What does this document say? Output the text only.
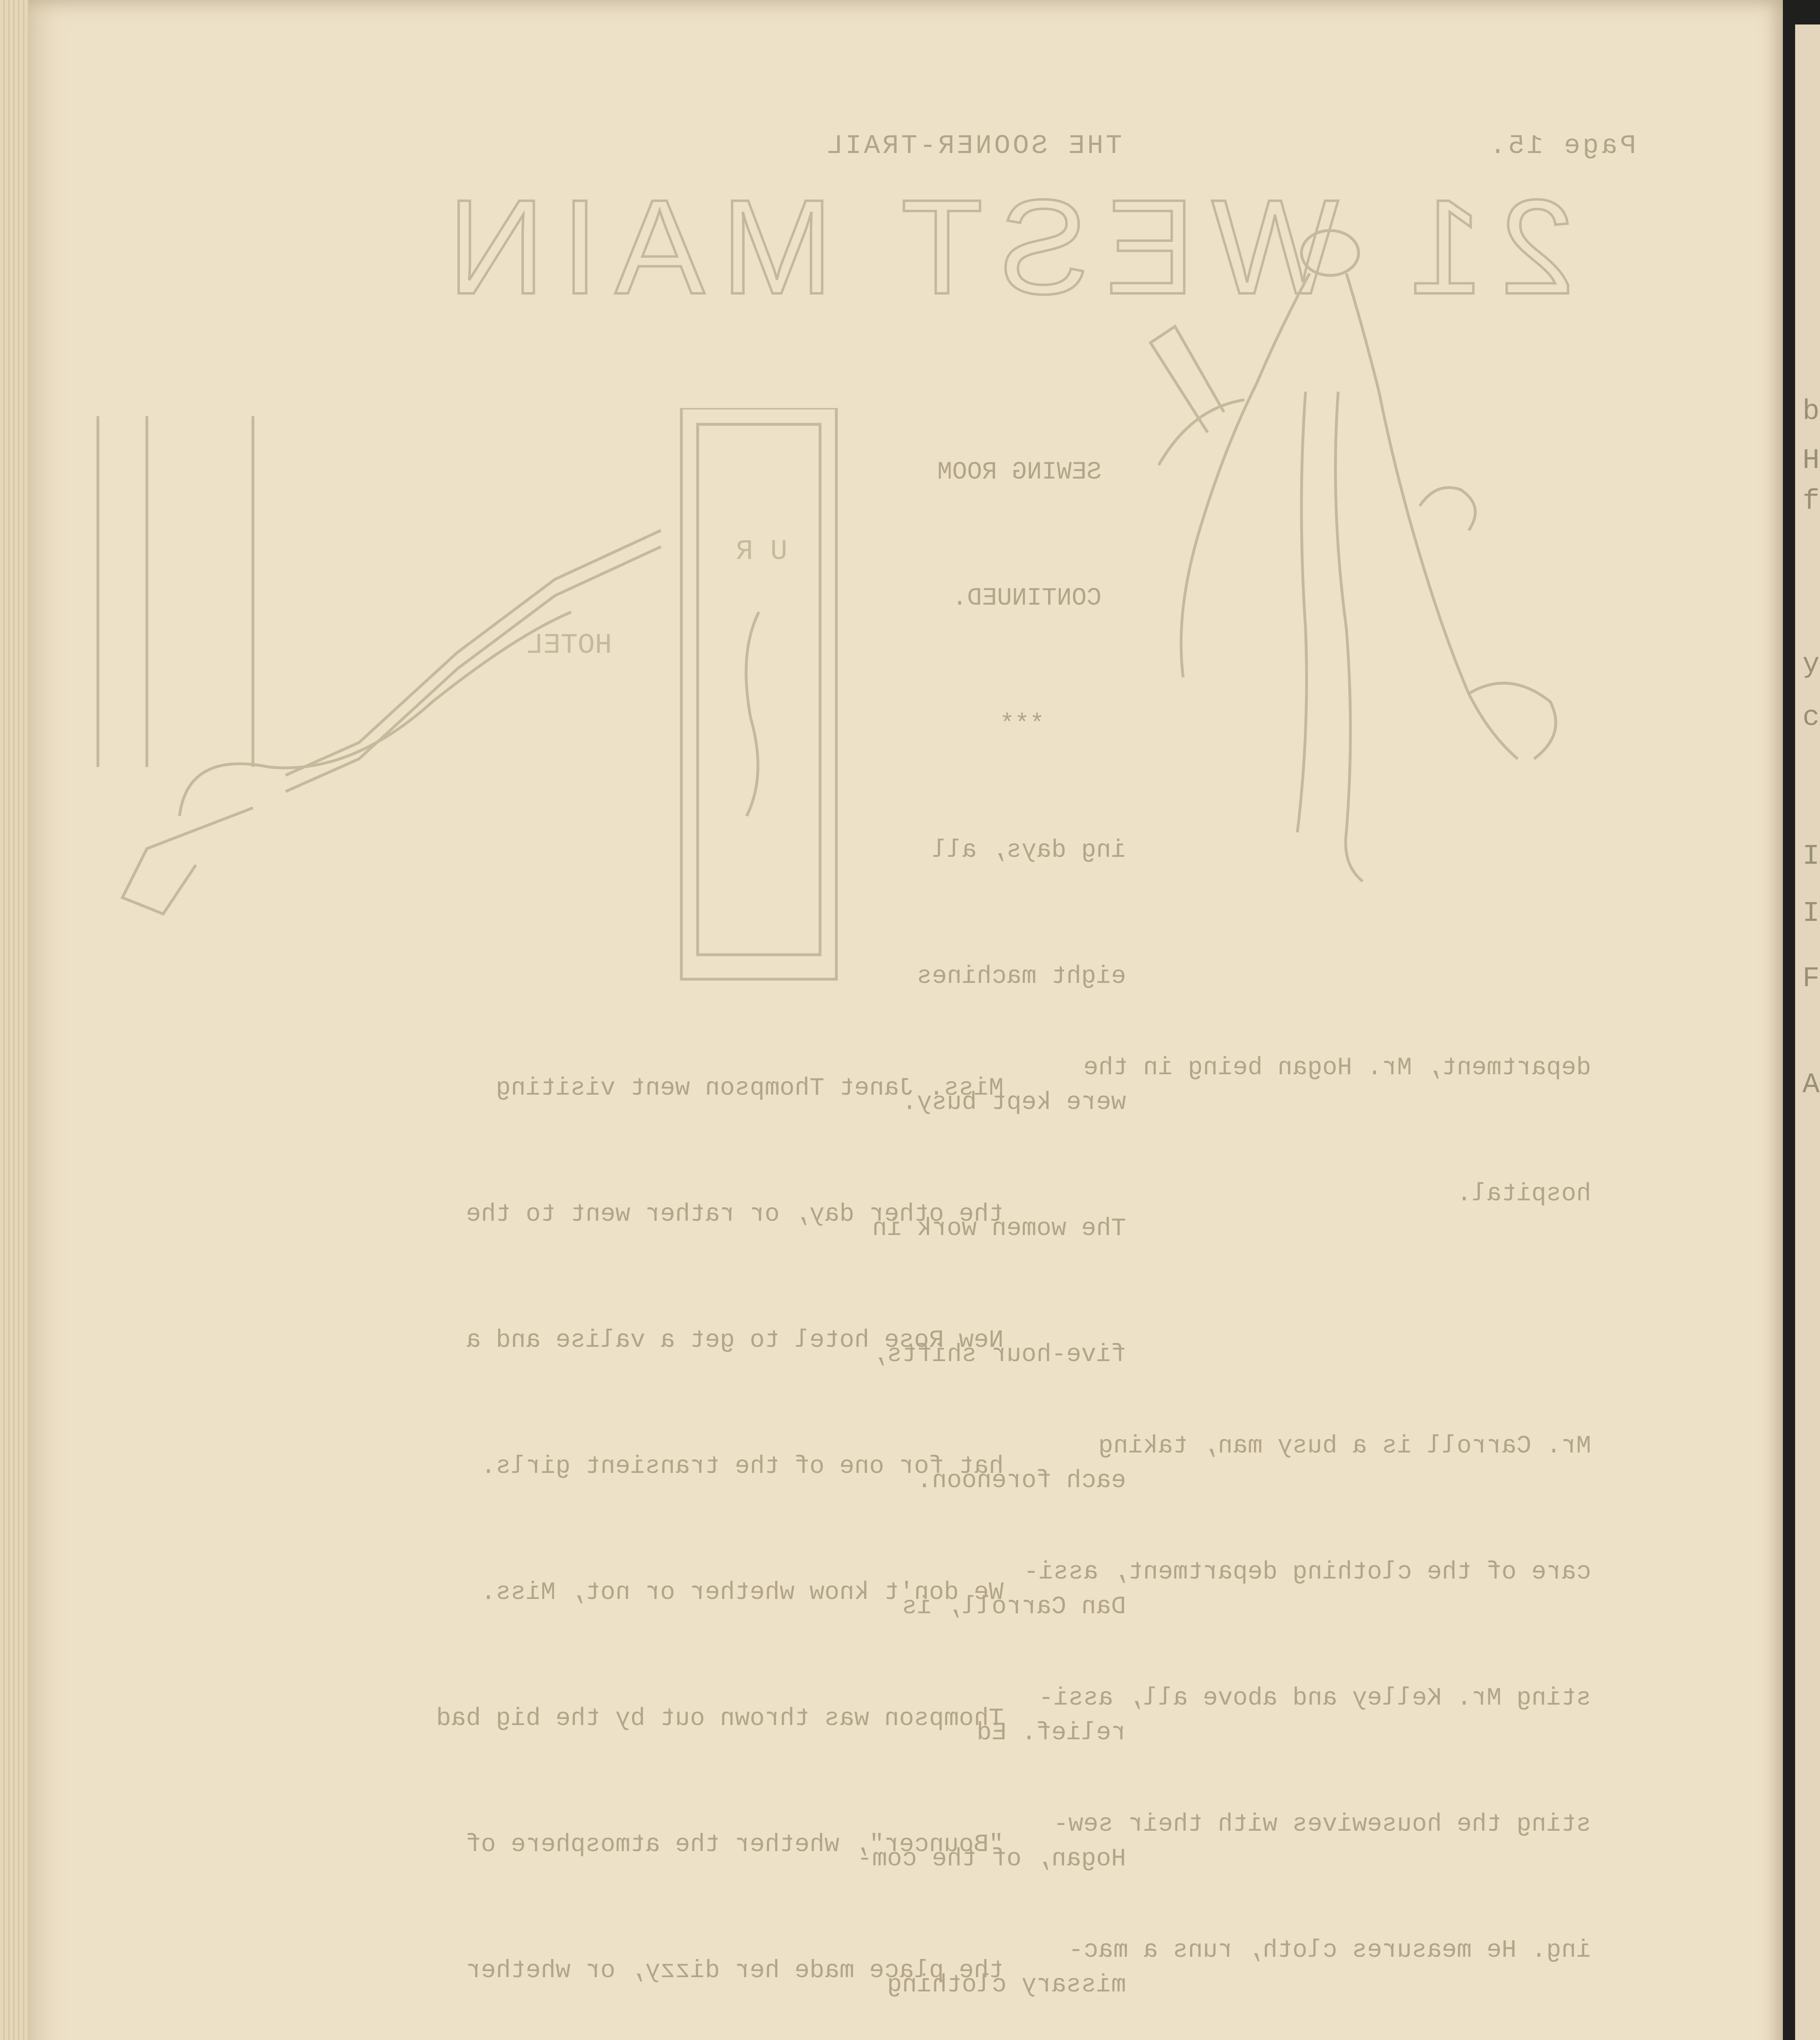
b
H
f
y
c
I
I
F
A
Page 15.
THE SOONER-TRAIL
21 WEST MAIN

SEWING ROOM

CONTINUED.

***

ing days, all

eight machines

were kept busy.

The women work in

five-hour shifts,

each forenoon.

Dan Carroll, is

relief. Ed

Hogan, of the com-

missary clothing

HOTEL
U R

department, Mr. Hogan being in the

hospital.

Mr. Carroll is a busy man, taking

care of the clothing department, assi-

sting Mr. Kelley and above all, assi-

sting the housewives with their sew-

ing. He measures cloth, runs a mac-

Miss. Janet Thompson went visiting

the other day, or rather went to the

New Rose hotel to get a valise and a

hat for one of the transient girls.

We don't know whether or not, Miss.

Thompson was thrown out by the big bad

"Bouncer", whether the atmosphere of

the place made her dizzy, or whether
